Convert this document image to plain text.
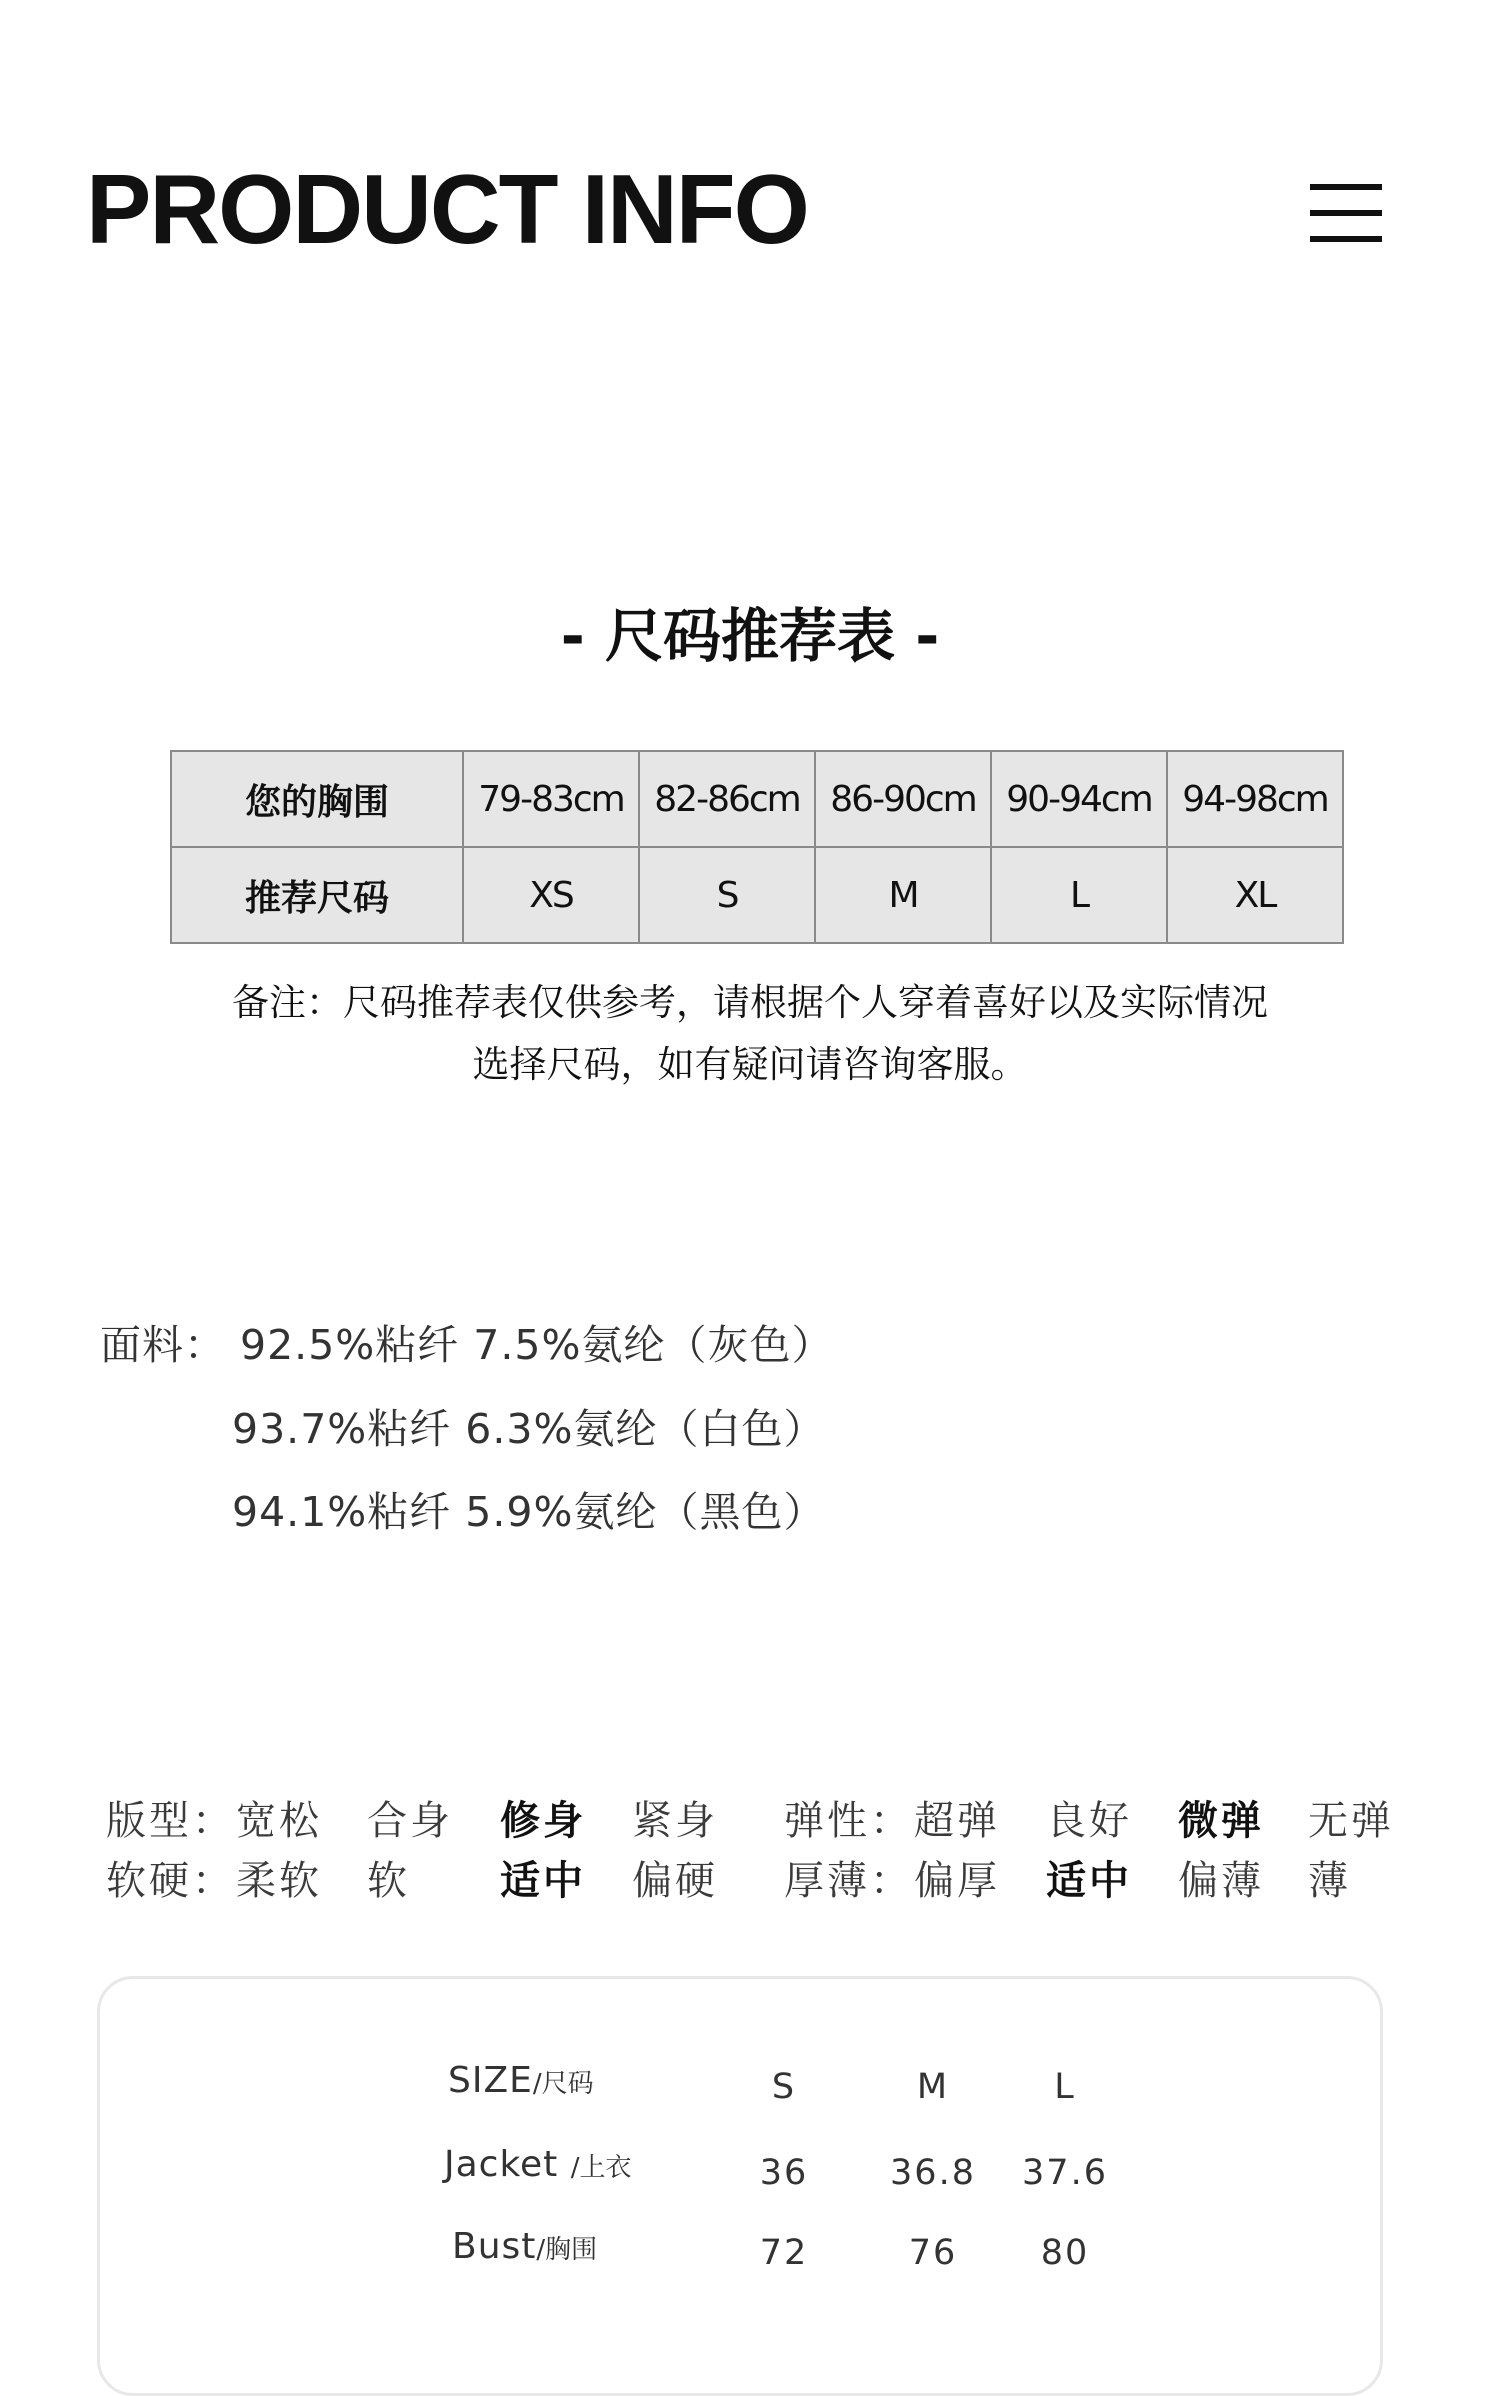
PRODUCT INFO
- 尺码推荐表 -
您的胸围	79-83cm	82-86cm	86-90cm	90-94cm	94-98cm
推荐尺码	XS	S	M	L	XL
备注：尺码推荐表仅供参考，请根据个人穿着喜好以及实际情况
选择尺码，如有疑问请咨询客服。
面料： 92.5%粘纤 7.5%氨纶（灰色）
93.7%粘纤 6.3%氨纶（白色）
94.1%粘纤 5.9%氨纶（黑色）
版型： 宽松 合身 修身 紧身 弹性： 超弹 良好 微弹 无弹
软硬： 柔软 软 适中 偏硬 厚薄： 偏厚 适中 偏薄 薄
SIZE/尺码	S	M	L
Jacket /上衣	36	36.8	37.6
Bust/胸围	72	76	80
